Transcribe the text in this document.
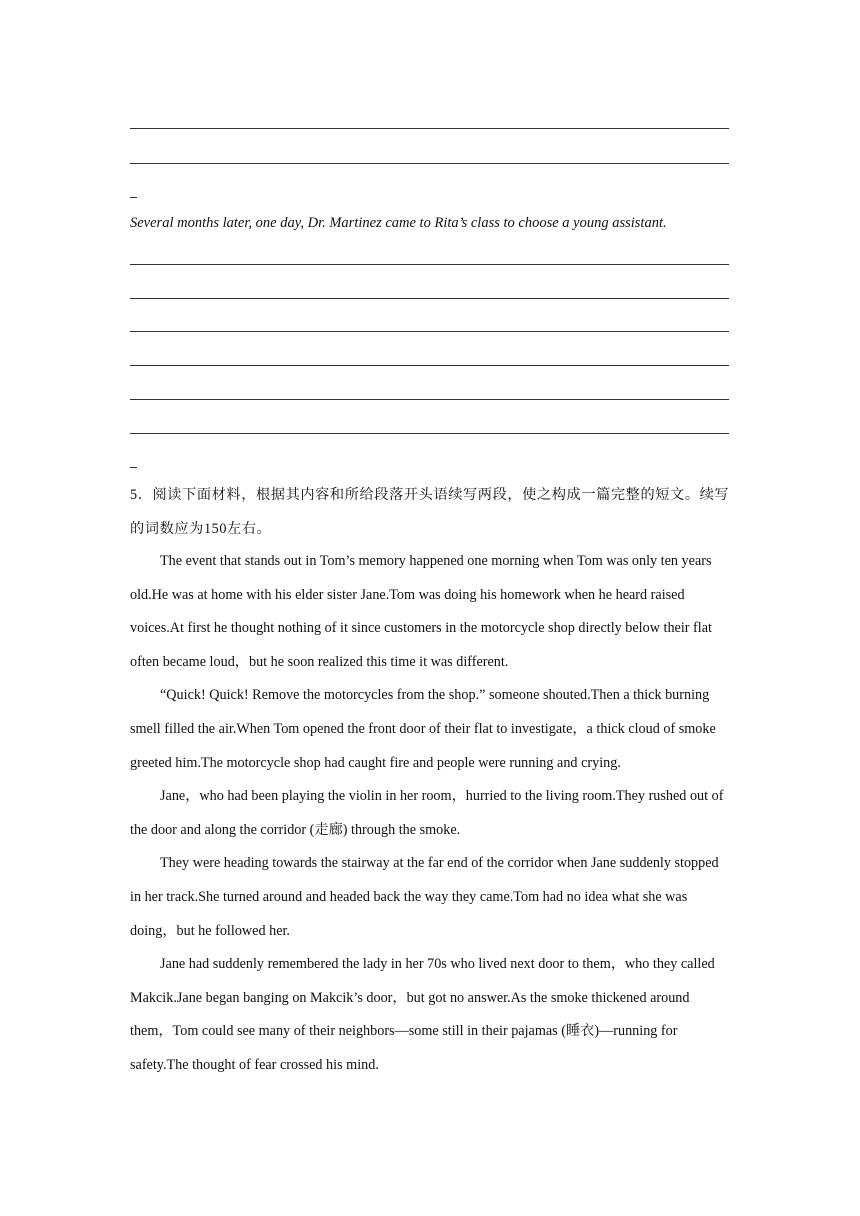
Several months later, one day, Dr. Martinez came to Rita’s class to choose a young assistant.

5．阅读下面材料，根据其内容和所给段落开头语续写两段，使之构成一篇完整的短文。续写的词数应为150左右。

The event that stands out in Tom’s memory happened one morning when Tom was only ten years old.He was at home with his elder sister Jane.Tom was doing his homework when he heard raised voices.At first he thought nothing of it since customers in the motorcycle shop directly below their flat often became loud，but he soon realized this time it was different.

“Quick! Quick! Remove the motorcycles from the shop.” someone shouted.Then a thick burning smell filled the air.When Tom opened the front door of their flat to investigate，a thick cloud of smoke greeted him.The motorcycle shop had caught fire and people were running and crying.

Jane，who had been playing the violin in her room，hurried to the living room.They rushed out of the door and along the corridor (走廊) through the smoke.

They were heading towards the stairway at the far end of the corridor when Jane suddenly stopped in her track.She turned around and headed back the way they came.Tom had no idea what she was doing，but he followed her.

Jane had suddenly remembered the lady in her 70s who lived next door to them，who they called Makcik.Jane began banging on Makcik’s door，but got no answer.As the smoke thickened around them，Tom could see many of their neighbors—some still in their pajamas (睡衣)—running for safety.The thought of fear crossed his mind.
